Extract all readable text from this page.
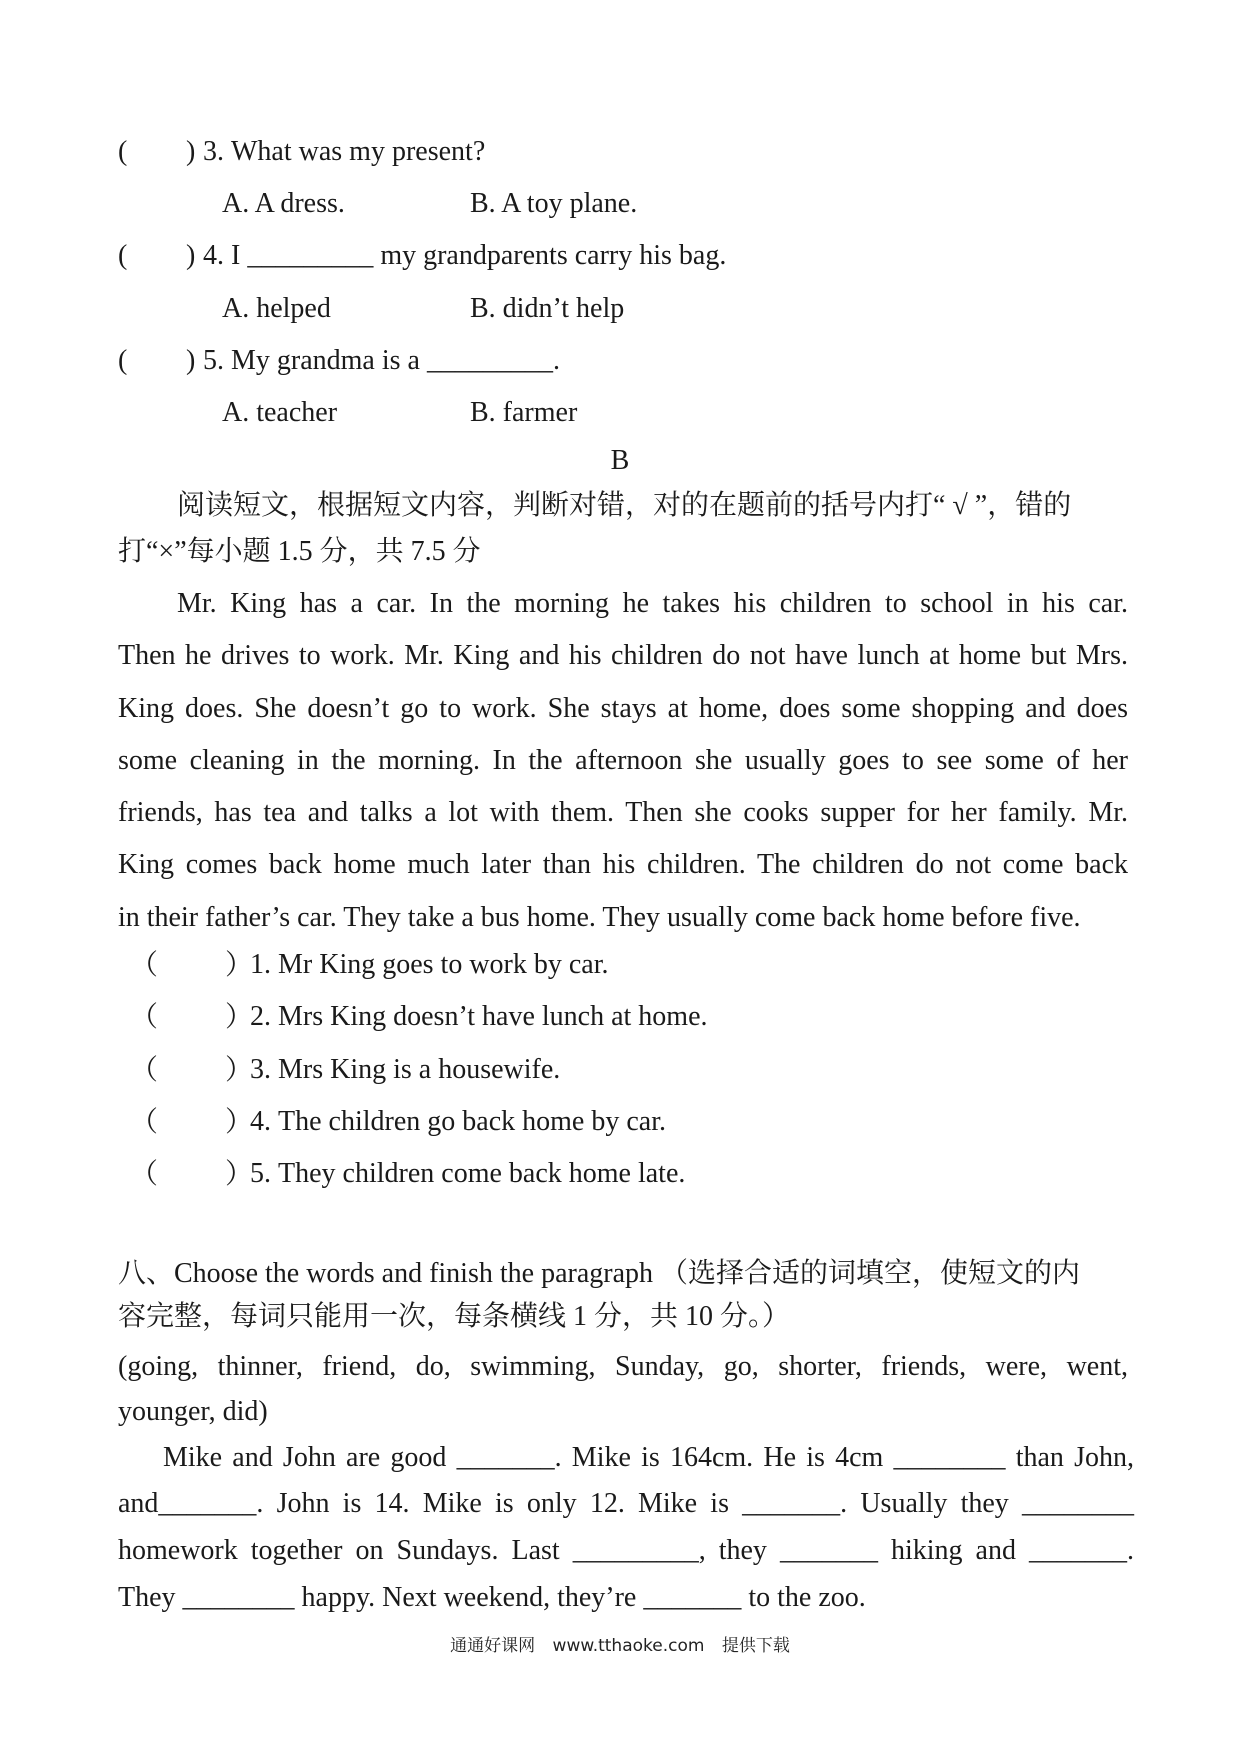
( ) 3. What was my present?
A. A dress.	B. A toy plane.
( ) 4. I _________ my grandparents carry his bag.
A. helped	B. didn’t help
( ) 5. My grandma is a _________.
A. teacher	B. farmer
B
阅读短文，根据短文内容，判断对错，对的在题前的括号内打“ √ ”，错的
打“×”每小题 1.5 分，共 7.5 分
Mr. King has a car. In the morning he takes his children to school in his car.
Then he drives to work. Mr. King and his children do not have lunch at home but Mrs.
King does. She doesn’t go to work. She stays at home, does some shopping and does
some cleaning in the morning. In the afternoon she usually goes to see some of her
friends, has tea and talks a lot with them. Then she cooks supper for her family. Mr.
King comes back home much later than his children. The children do not come back
in their father’s car. They take a bus home. They usually come back home before five.
（ ）
1. Mr King goes to work by car.
（ ）
2. Mrs King doesn’t have lunch at home.
（ ）
3. Mrs King is a housewife.
（ ）
4. The children go back home by car.
（ ）
5. They children come back home late.
八、Choose the words and finish the paragraph （选择合适的词填空，使短文的内
容完整，每词只能用一次，每条横线 1 分，共 10 分。）
(going, thinner, friend, do, swimming, Sunday, go, shorter, friends, were, went,
younger, did)
Mike and John are good _______. Mike is 164cm. He is 4cm ________ than John,
and_______. John is 14. Mike is only 12. Mike is _______. Usually they ________
homework together on Sundays. Last _________, they _______ hiking and _______.
They ________ happy. Next weekend, they’re _______ to the zoo.
通通好课网 www.tthaoke.com 提供下载
